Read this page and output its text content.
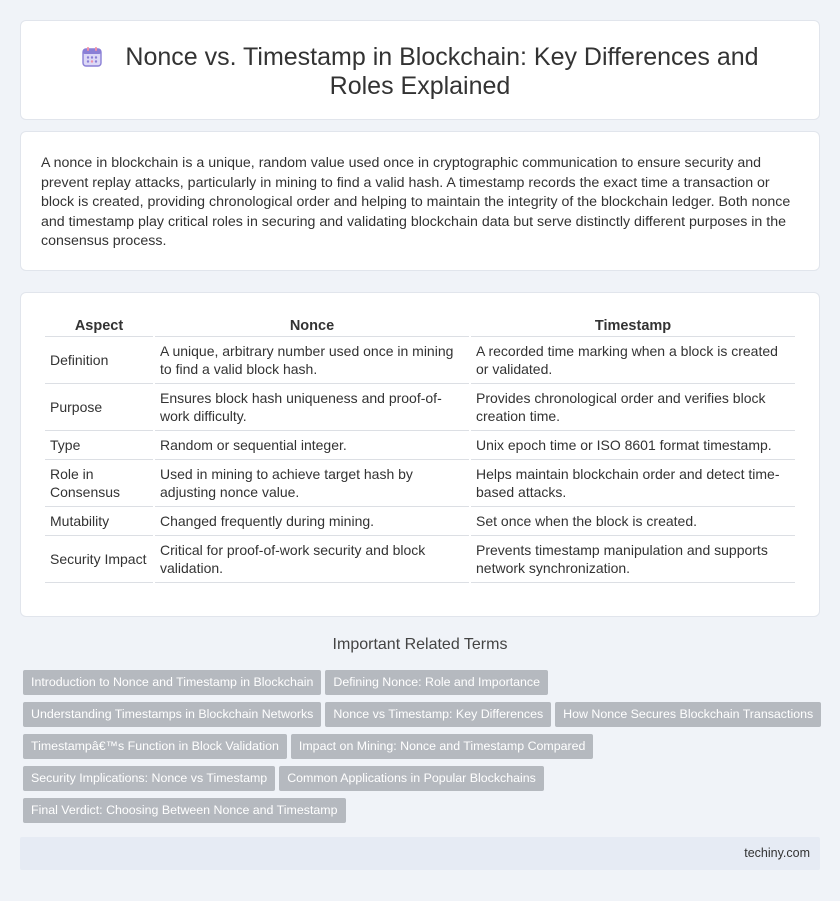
Nonce vs. Timestamp in Blockchain: Key Differences and Roles Explained

A nonce in blockchain is a unique, random value used once in cryptographic communication to ensure security and prevent replay attacks, particularly in mining to find a valid hash. A timestamp records the exact time a transaction or block is created, providing chronological order and helping to maintain the integrity of the blockchain ledger. Both nonce and timestamp play critical roles in securing and validating blockchain data but serve distinctly different purposes in the consensus process.

Aspect	Nonce	Timestamp
Definition	A unique, arbitrary number used once in mining to find a valid block hash.	A recorded time marking when a block is created or validated.
Purpose	Ensures block hash uniqueness and proof-of-work difficulty.	Provides chronological order and verifies block creation time.
Type	Random or sequential integer.	Unix epoch time or ISO 8601 format timestamp.
Role in Consensus	Used in mining to achieve target hash by adjusting nonce value.	Helps maintain blockchain order and detect time-based attacks.
Mutability	Changed frequently during mining.	Set once when the block is created.
Security Impact	Critical for proof-of-work security and block validation.	Prevents timestamp manipulation and supports network synchronization.
Important Related Terms
Introduction to Nonce and Timestamp in Blockchain Defining Nonce: Role and Importance
Understanding Timestamps in Blockchain Networks Nonce vs Timestamp: Key Differences How Nonce Secures Blockchain Transactions
Timestampâ€™s Function in Block Validation Impact on Mining: Nonce and Timestamp Compared
Security Implications: Nonce vs Timestamp Common Applications in Popular Blockchains
Final Verdict: Choosing Between Nonce and Timestamp
techiny.com
